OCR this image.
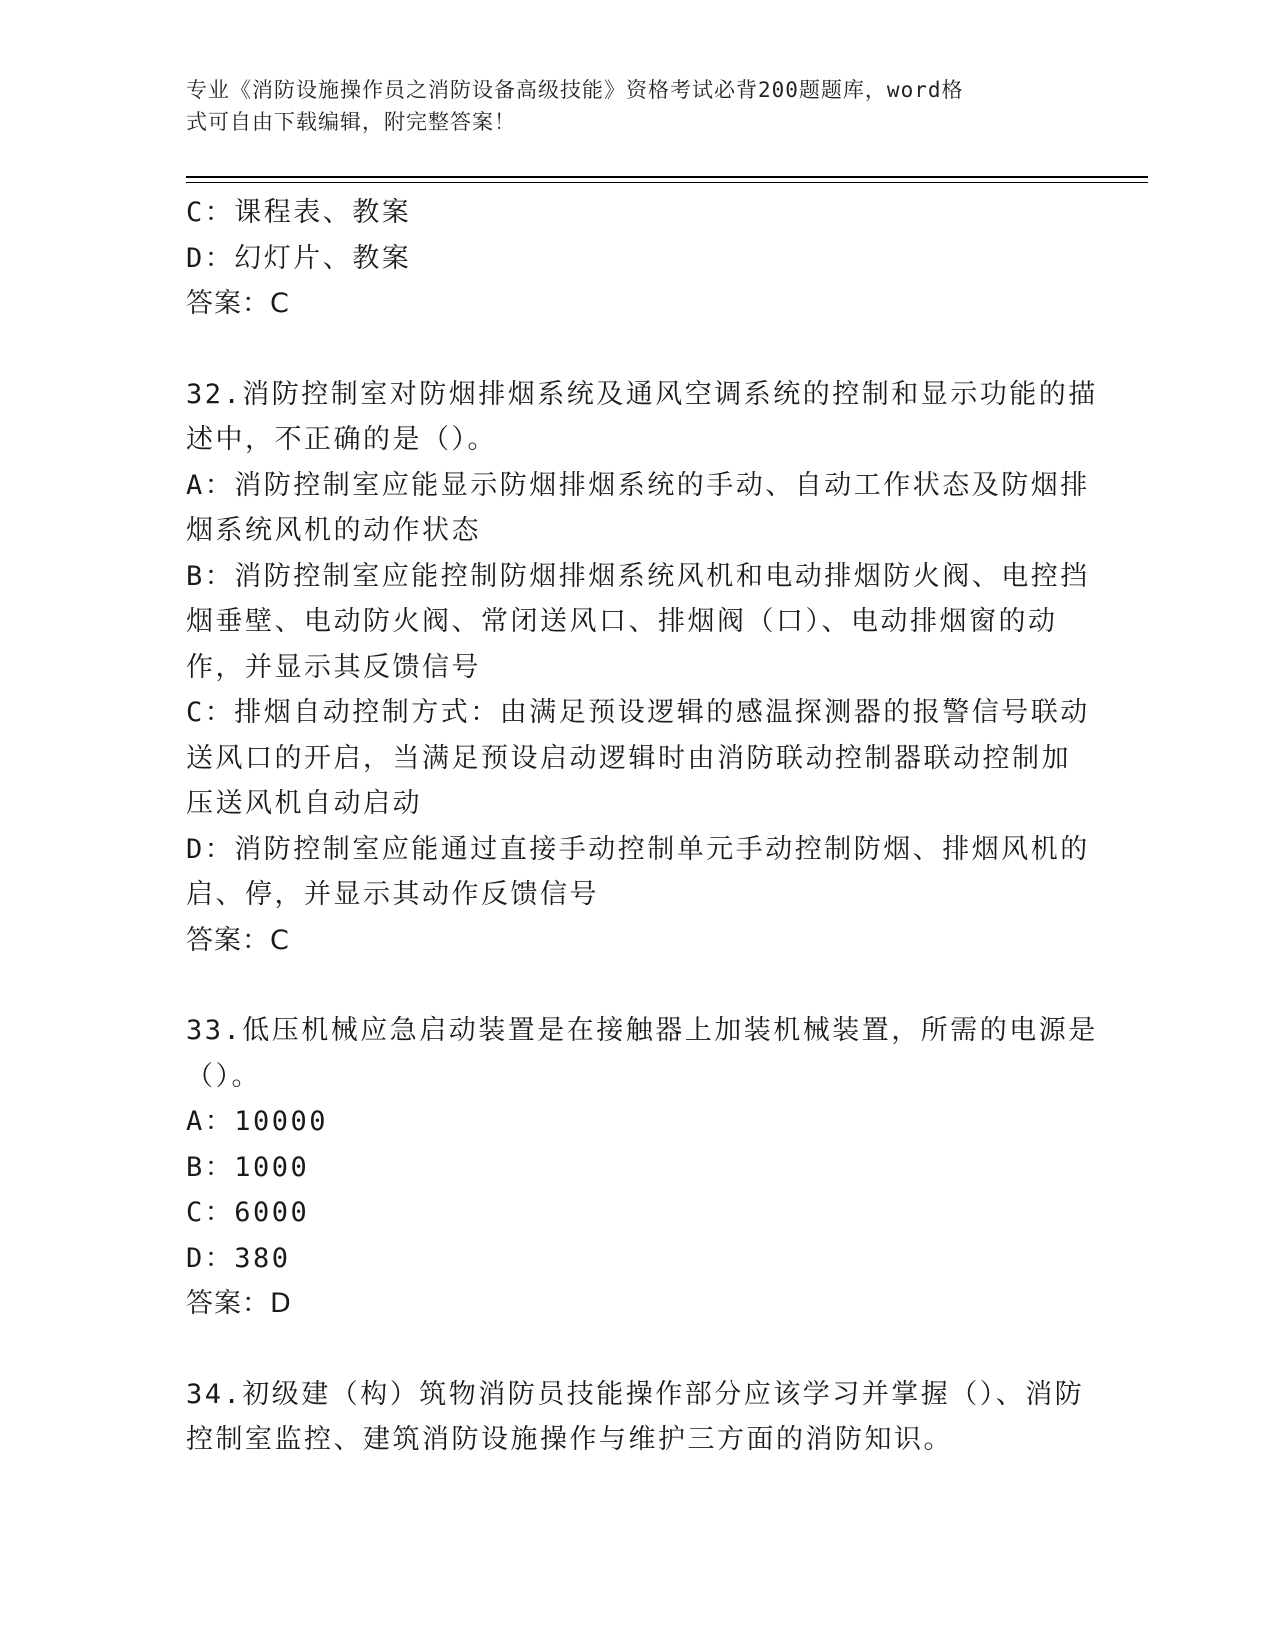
专业《消防设施操作员之消防设备高级技能》资格考试必背200题题库，word格
式可自由下载编辑，附完整答案！
C：课程表、教案
D：幻灯片、教案
答案：C
32.消防控制室对防烟排烟系统及通风空调系统的控制和显示功能的描
述中，不正确的是（）。
A：消防控制室应能显示防烟排烟系统的手动、自动工作状态及防烟排
烟系统风机的动作状态
B：消防控制室应能控制防烟排烟系统风机和电动排烟防火阀、电控挡
烟垂壁、电动防火阀、常闭送风口、排烟阀（口）、电动排烟窗的动
作，并显示其反馈信号
C：排烟自动控制方式：由满足预设逻辑的感温探测器的报警信号联动
送风口的开启，当满足预设启动逻辑时由消防联动控制器联动控制加
压送风机自动启动
D：消防控制室应能通过直接手动控制单元手动控制防烟、排烟风机的
启、停，并显示其动作反馈信号
答案：C
33.低压机械应急启动装置是在接触器上加装机械装置，所需的电源是
（）。
A：10000
B：1000
C：6000
D：380
答案：D
34.初级建（构）筑物消防员技能操作部分应该学习并掌握（）、消防
控制室监控、建筑消防设施操作与维护三方面的消防知识。
